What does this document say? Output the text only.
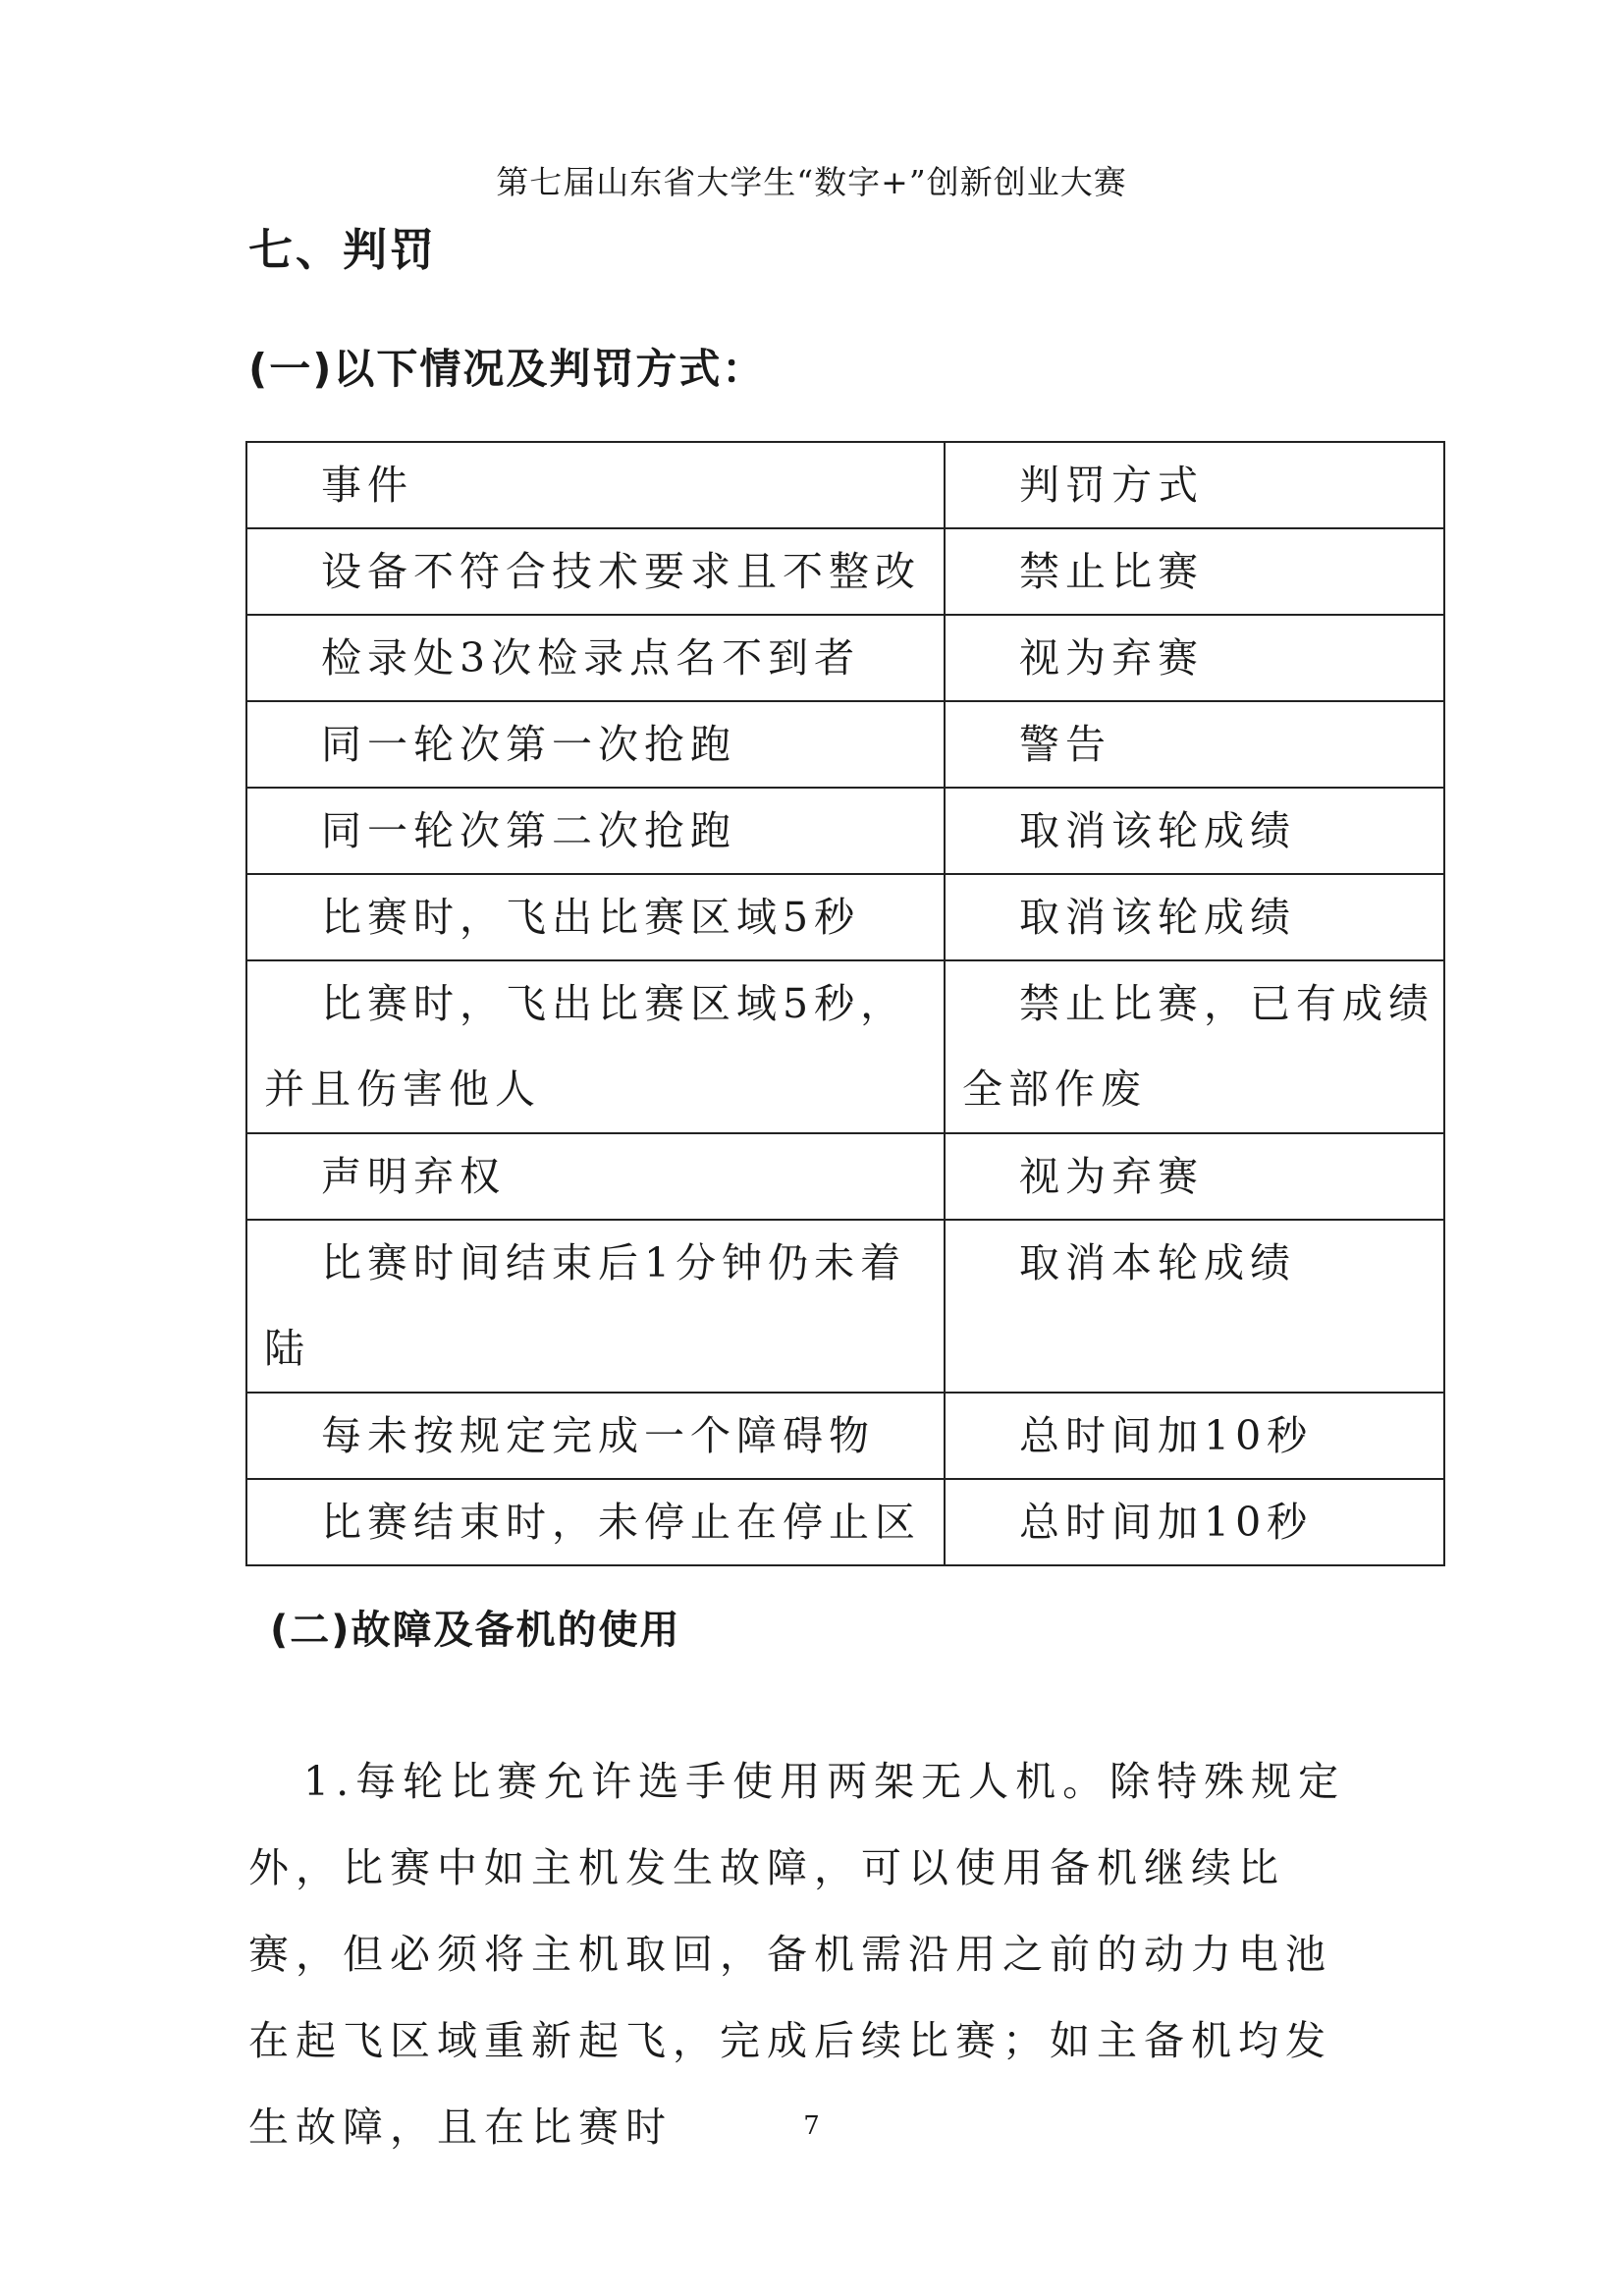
第七届山东省大学生“数字+”创新创业大赛
七、判罚
(一)以下情况及判罚方式：
事件	判罚方式

设备不符合技术要求且不整改	禁止比赛

检录处3次检录点名不到者	视为弃赛

同一轮次第一次抢跑	警告

同一轮次第二次抢跑	取消该轮成绩

比赛时，飞出比赛区域5秒	取消该轮成绩

比赛时，飞出比赛区域5秒，并且伤害他人	禁止比赛，已有成绩全部作废

声明弃权	视为弃赛

比赛时间结束后1分钟仍未着陆	取消本轮成绩

每未按规定完成一个障碍物	总时间加10秒

比赛结束时，未停止在停止区	总时间加10秒
(二)故障及备机的使用
1.每轮比赛允许选手使用两架无人机。除特殊规定外，比赛中如主机发生故障，可以使用备机继续比赛，但必须将主机取回，备机需沿用之前的动力电池在起飞区域重新起飞，完成后续比赛；如主备机均发生故障，且在比赛时	7
